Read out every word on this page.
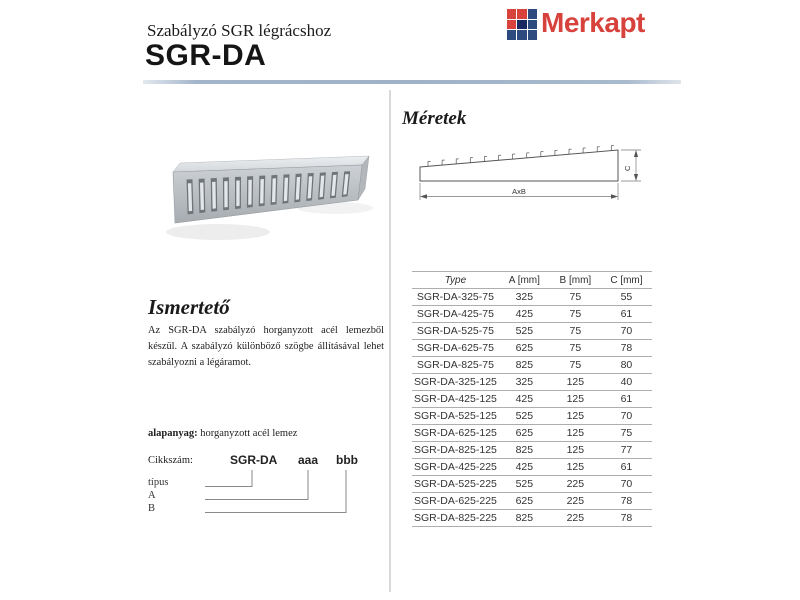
Szabályzó SGR légrácshoz
SGR-DA
Merkapt
Ismertető

Az SGR-DA szabályzó horganyzott acél lemezből készül. A szabályzó különböző szögbe állításával lehet szabályozni a légáramot.

alapanyag: horganyzott acél lemez
Cikkszám:	SGR-DA aaa bbb
típus
A
B
Méretek
AxB
C
Type	A [mm]	B [mm]	C [mm]
SGR-DA-325-75	325	75	55
SGR-DA-425-75	425	75	61
SGR-DA-525-75	525	75	70
SGR-DA-625-75	625	75	78
SGR-DA-825-75	825	75	80
SGR-DA-325-125	325	125	40
SGR-DA-425-125	425	125	61
SGR-DA-525-125	525	125	70
SGR-DA-625-125	625	125	75
SGR-DA-825-125	825	125	77
SGR-DA-425-225	425	125	61
SGR-DA-525-225	525	225	70
SGR-DA-625-225	625	225	78
SGR-DA-825-225	825	225	78
